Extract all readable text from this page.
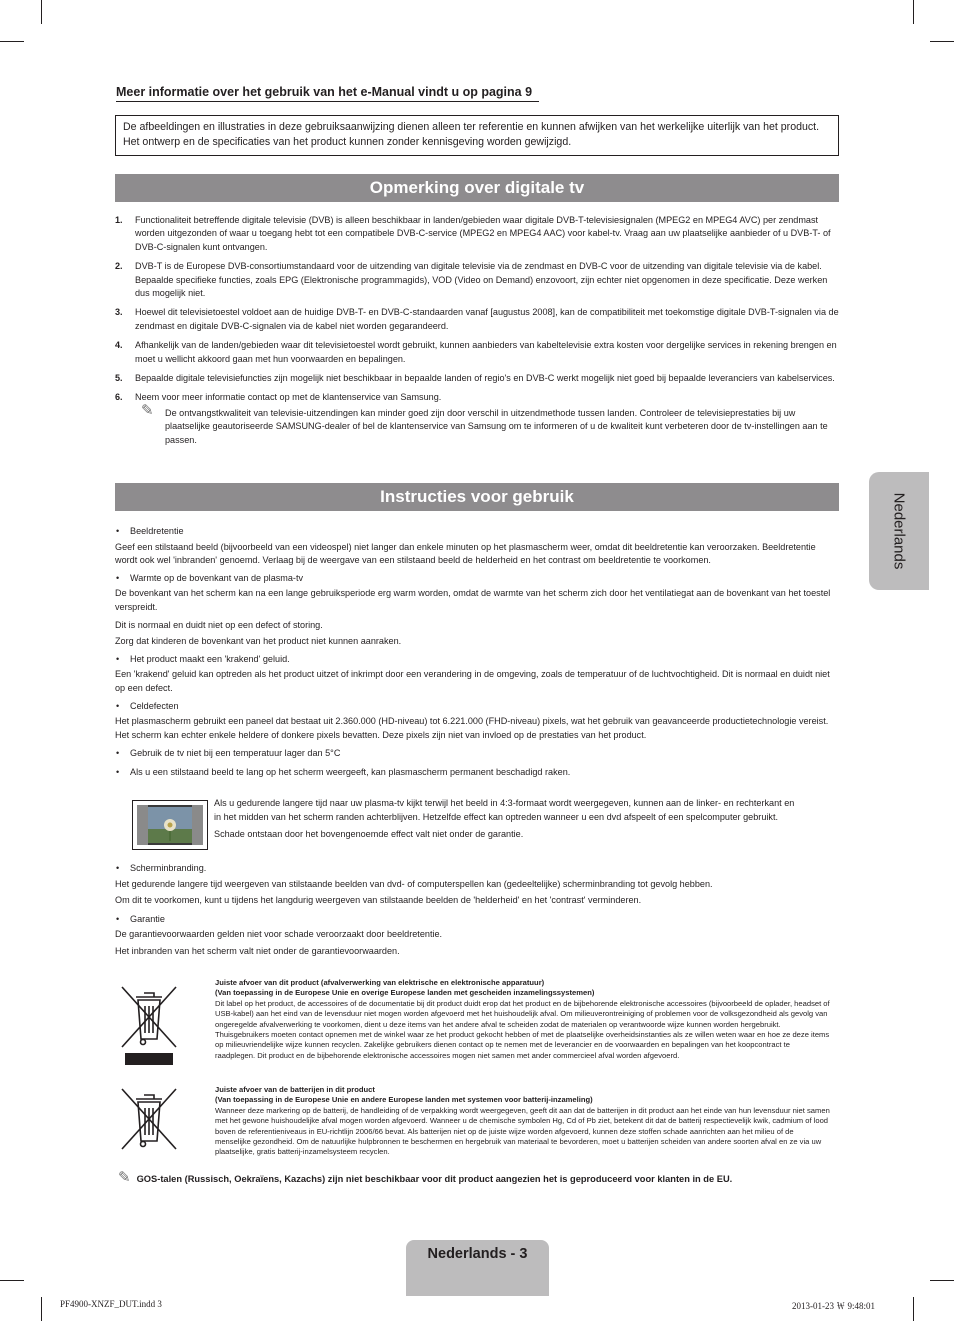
Meer informatie over het gebruik van het e-Manual vindt u op pagina 9
De afbeeldingen en illustraties in deze gebruiksaanwijzing dienen alleen ter referentie en kunnen afwijken van het werkelijke uiterlijk van het product. Het ontwerp en de specificaties van het product kunnen zonder kennisgeving worden gewijzigd.
Opmerking over digitale tv
1. Functionaliteit betreffende digitale televisie (DVB) is alleen beschikbaar in landen/gebieden waar digitale DVB-T-televisiesignalen (MPEG2 en MPEG4 AVC) per zendmast worden uitgezonden of waar u toegang hebt tot een compatibele DVB-C-service (MPEG2 en MPEG4 AAC) voor kabel-tv. Vraag aan uw plaatselijke aanbieder of u DVB-T- of DVB-C-signalen kunt ontvangen.
2. DVB-T is de Europese DVB-consortiumstandaard voor de uitzending van digitale televisie via de zendmast en DVB-C voor de uitzending van digitale televisie via de kabel. Bepaalde specifieke functies, zoals EPG (Elektronische programmagids), VOD (Video on Demand) enzovoort, zijn echter niet opgenomen in deze specificatie. Deze werken dus mogelijk niet.
3. Hoewel dit televisietoestel voldoet aan de huidige DVB-T- en DVB-C-standaarden vanaf [augustus 2008], kan de compatibiliteit met toekomstige digitale DVB-T-signalen via de zendmast en digitale DVB-C-signalen via de kabel niet worden gegarandeerd.
4. Afhankelijk van de landen/gebieden waar dit televisietoestel wordt gebruikt, kunnen aanbieders van kabeltelevisie extra kosten voor dergelijke services in rekening brengen en moet u wellicht akkoord gaan met hun voorwaarden en bepalingen.
5. Bepaalde digitale televisiefuncties zijn mogelijk niet beschikbaar in bepaalde landen of regio's en DVB-C werkt mogelijk niet goed bij bepaalde leveranciers van kabelservices.
6. Neem voor meer informatie contact op met de klantenservice van Samsung.
✎ De ontvangstkwaliteit van televisie-uitzendingen kan minder goed zijn door verschil in uitzendmethode tussen landen. Controleer de televisieprestaties bij uw plaatselijke geautoriseerde SAMSUNG-dealer of bel de klantenservice van Samsung om te informeren of u de kwaliteit kunt verbeteren door de tv-instellingen aan te passen.
Instructies voor gebruik
• Beeldretentie

Geef een stilstaand beeld (bijvoorbeeld van een videospel) niet langer dan enkele minuten op het plasmascherm weer, omdat dit beeldretentie kan veroorzaken. Beeldretentie wordt ook wel 'inbranden' genoemd. Verlaag bij de weergave van een stilstaand beeld de helderheid en het contrast om beeldretentie te voorkomen.

• Warmte op de bovenkant van de plasma-tv

De bovenkant van het scherm kan na een lange gebruiksperiode erg warm worden, omdat de warmte van het scherm zich door het ventilatiegat aan de bovenkant van het toestel verspreidt.

Dit is normaal en duidt niet op een defect of storing.

Zorg dat kinderen de bovenkant van het product niet kunnen aanraken.

• Het product maakt een 'krakend' geluid.

Een 'krakend' geluid kan optreden als het product uitzet of inkrimpt door een verandering in de omgeving, zoals de temperatuur of de luchtvochtigheid. Dit is normaal en duidt niet op een defect.

• Celdefecten

Het plasmascherm gebruikt een paneel dat bestaat uit 2.360.000 (HD-niveau) tot 6.221.000 (FHD-niveau) pixels, wat het gebruik van geavanceerde productietechnologie vereist. Het scherm kan echter enkele heldere of donkere pixels bevatten. Deze pixels zijn niet van invloed op de prestaties van het product.

• Gebruik de tv niet bij een temperatuur lager dan 5°C
• Als u een stilstaand beeld te lang op het scherm weergeeft, kan plasmascherm permanent beschadigd raken.

Als u gedurende langere tijd naar uw plasma-tv kijkt terwijl het beeld in 4:3-formaat wordt weergegeven, kunnen aan de linker- en rechterkant en in het midden van het scherm randen achterblijven. Hetzelfde effect kan optreden wanneer u een dvd afspeelt of een spelcomputer gebruikt.

Schade ontstaan door het bovengenoemde effect valt niet onder de garantie.

• Scherminbranding.

Het gedurende langere tijd weergeven van stilstaande beelden van dvd- of computerspellen kan (gedeeltelijke) scherminbranding tot gevolg hebben.

Om dit te voorkomen, kunt u tijdens het langdurig weergeven van stilstaande beelden de 'helderheid' en het 'contrast' verminderen.

• Garantie

De garantievoorwaarden gelden niet voor schade veroorzaakt door beeldretentie.

Het inbranden van het scherm valt niet onder de garantievoorwaarden.

Juiste afvoer van dit product (afvalverwerking van elektrische en elektronische apparatuur)
(Van toepassing in de Europese Unie en overige Europese landen met gescheiden inzamelingssystemen)
Dit label op het product, de accessoires of de documentatie bij dit product duidt erop dat het product en de bijbehorende elektronische accessoires (bijvoorbeeld de oplader, headset of USB-kabel) aan het eind van de levensduur niet mogen worden afgevoerd met het huishoudelijk afval. Om milieuverontreiniging of problemen voor de volksgezondheid als gevolg van ongeregelde afvalverwerking te voorkomen, dient u deze items van het andere afval te scheiden zodat de materialen op verantwoorde wijze kunnen worden hergebruikt. Thuisgebruikers moeten contact opnemen met de winkel waar ze het product gekocht hebben of met de plaatselijke overheidsinstanties als ze willen weten waar en hoe ze deze items op milieuvriendelijke wijze kunnen recyclen. Zakelijke gebruikers dienen contact op te nemen met de leverancier en de voorwaarden en bepalingen van het koopcontract te raadplegen. Dit product en de bijbehorende elektronische accessoires mogen niet samen met ander commercieel afval worden afgevoerd.
Juiste afvoer van de batterijen in dit product
(Van toepassing in de Europese Unie en andere Europese landen met systemen voor batterij-inzameling)
Wanneer deze markering op de batterij, de handleiding of de verpakking wordt weergegeven, geeft dit aan dat de batterijen in dit product aan het einde van hun levensduur niet samen met het gewone huishoudelijke afval mogen worden afgevoerd. Wanneer u de chemische symbolen Hg, Cd of Pb ziet, betekent dit dat de batterij respectievelijk kwik, cadmium of lood boven de referentieniveaus in EU-richtlijn 2006/66 bevat. Als batterijen niet op de juiste wijze worden afgevoerd, kunnen deze stoffen schade aanrichten aan het milieu of de menselijke gezondheid. Om de natuurlijke hulpbronnen te beschermen en hergebruik van materiaal te bevorderen, moet u batterijen scheiden van andere soorten afval en ze via uw plaatselijke, gratis batterij-inzamelsysteem recyclen.
✎ GOS-talen (Russisch, Oekraïens, Kazachs) zijn niet beschikbaar voor dit product aangezien het is geproduceerd voor klanten in de EU.
Nederlands
Nederlands - 3
PF4900-XNZF_DUT.indd 3	2013-01-23 ￦ 9:48:01
